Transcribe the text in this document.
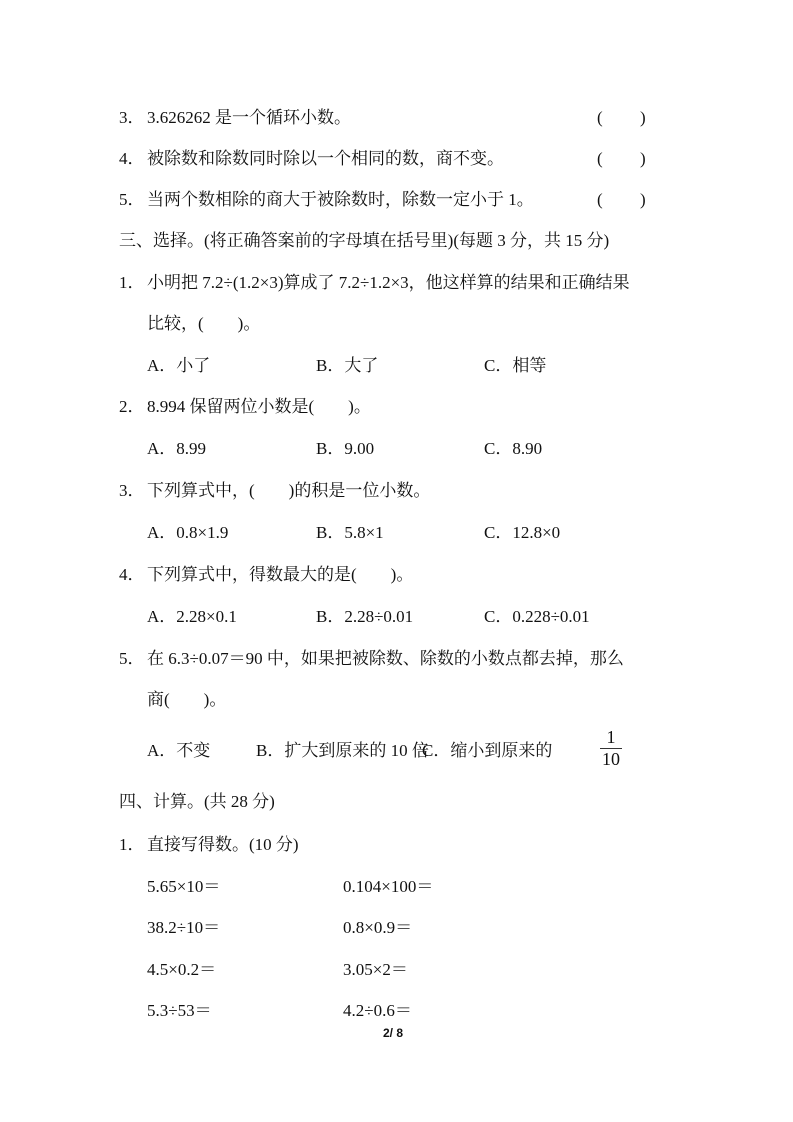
3． 3.626262 是一个循环小数。	( )
4． 被除数和除数同时除以一个相同的数，商不变。	( )
5． 当两个数相除的商大于被除数时，除数一定小于 1。	( )
三、选择。(将正确答案前的字母填在括号里)(每题 3 分，共 15 分)
1． 小明把 7.2÷(1.2×3)算成了 7.2÷1.2×3，他这样算的结果和正确结果
比较，(　　)。
A．小了	B．大了	C．相等
2． 8.994 保留两位小数是(　　)。
A．8.99	B．9.00	C．8.90
3． 下列算式中，(　　)的积是一位小数。
A．0.8×1.9	B．5.8×1	C．12.8×0
4． 下列算式中，得数最大的是(　　)。
A．2.28×0.1	B．2.28÷0.01	C．0.228÷0.01
5． 在 6.3÷0.07＝90 中，如果把被除数、除数的小数点都去掉，那么
商(　　)。
A．不变	B．扩大到原来的 10 倍
C．缩小到原来的
1
10
四、计算。(共 28 分)
1． 直接写得数。(10 分)
5.65×10＝	0.104×100＝
38.2÷10＝	0.8×0.9＝
4.5×0.2＝	3.05×2＝
5.3÷53＝	4.2÷0.6＝
2/ 8
